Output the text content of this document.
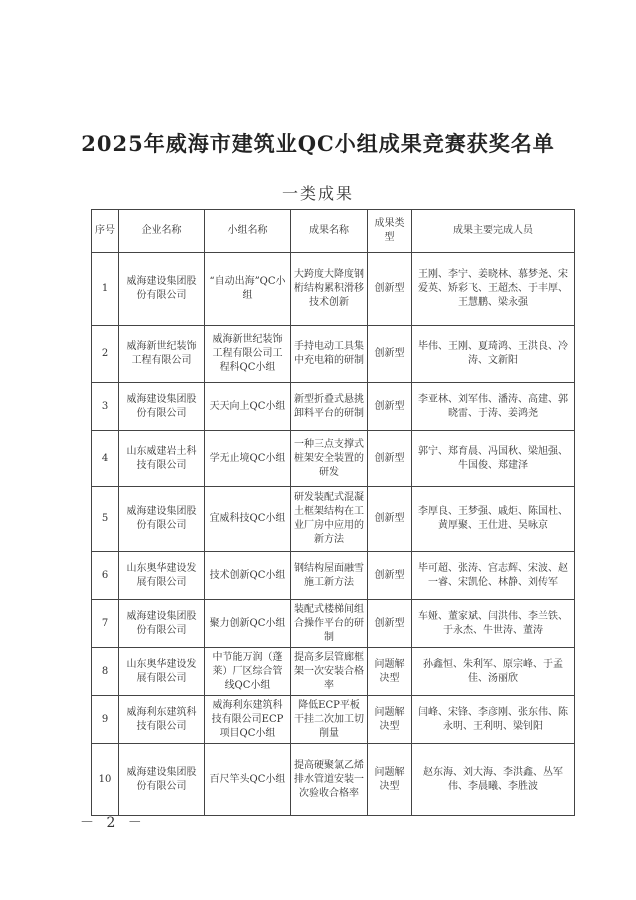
2025年威海市建筑业QC小组成果竞赛获奖名单
一类成果
序号	企业名称	小组名称	成果名称	成果类型	成果主要完成人员
1	威海建设集团股份有限公司	“自动出海”QC小组	大跨度大降度钢桁结构累积滑移技术创新	创新型	王刚、李宁、姜晓林、慕梦尧、宋爱英、矫彩飞、王超杰、于丰厚、王慧鹏、梁永强
2	威海新世纪装饰工程有限公司	威海新世纪装饰工程有限公司工程科QC小组	手持电动工具集中充电箱的研制	创新型	毕伟、王刚、夏琦鸿、王洪良、冷涛、文新阳
3	威海建设集团股份有限公司	天天向上QC小组	新型折叠式悬挑卸料平台的研制	创新型	李亚林、刘军伟、潘涛、高建、郭晓雷、于涛、姜鸿尧
4	山东威建岩土科技有限公司	学无止境QC小组	一种三点支撑式桩架安全装置的研发	创新型	郭宁、郑育晨、冯国秋、梁旭强、牛国俊、郑建泽
5	威海建设集团股份有限公司	宜威科技QC小组	研发装配式混凝土框架结构在工业厂房中应用的新方法	创新型	李厚良、王梦强、戚炬、陈国杜、黄厚聚、王仕进、吴咏京
6	山东奥华建设发展有限公司	技术创新QC小组	钢结构屋面融雪施工新方法	创新型	毕可超、张涛、宫志辉、宋波、赵一睿、宋凯伦、林静、刘传军
7	威海建设集团股份有限公司	聚力创新QC小组	装配式楼梯间组合操作平台的研制	创新型	车娅、董家斌、闫洪伟、李兰铁、于永杰、牛世涛、董涛
8	山东奥华建设发展有限公司	中节能万润（蓬莱）厂区综合管线QC小组	提高多层管廊框架一次安装合格率	问题解决型	孙鑫恒、朱利军、原宗峰、于孟佳、汤丽欣
9	威海利东建筑科技有限公司	威海利东建筑科技有限公司ECP项目QC小组	降低ECP平板干挂二次加工切削量	问题解决型	闫峰、宋锋、李彦刚、张东伟、陈永明、王利明、梁钊阳
10	威海建设集团股份有限公司	百尺竿头QC小组	提高硬聚氯乙烯排水管道安装一次验收合格率	问题解决型	赵东海、刘大海、李洪鑫、丛军伟、李晨曦、李胜波
－ 2 －
